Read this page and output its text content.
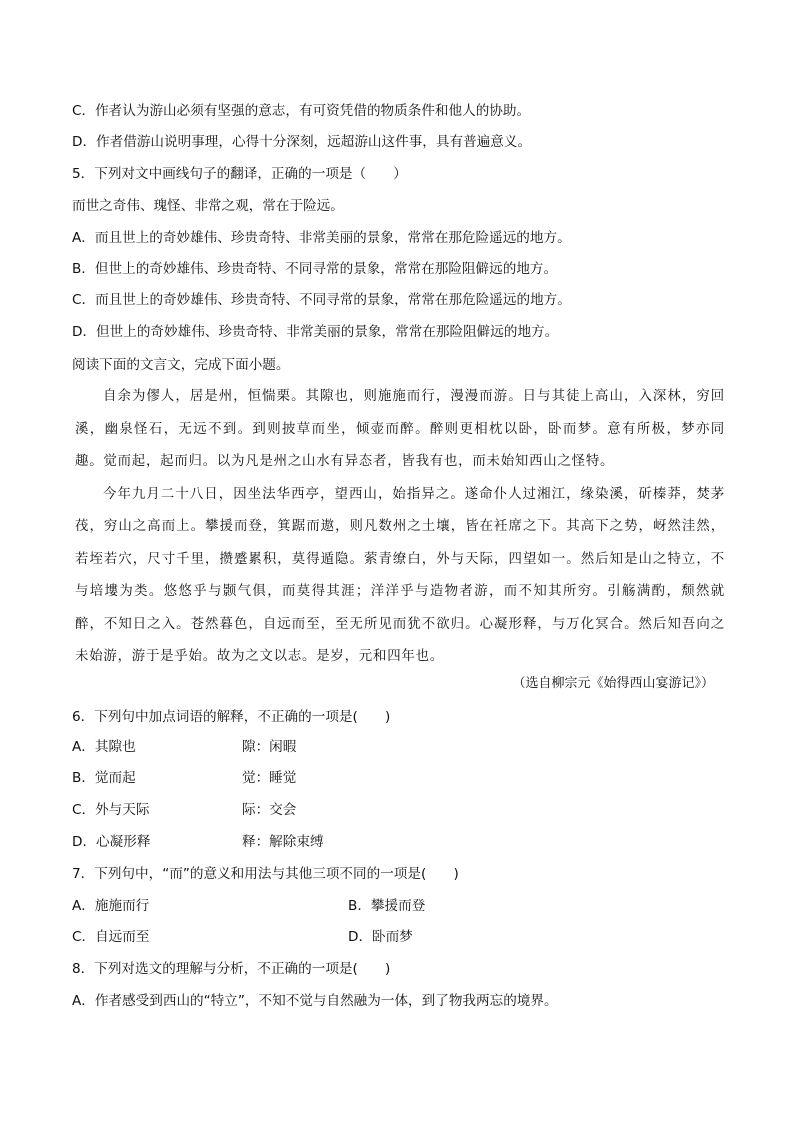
C．作者认为游山必须有坚强的意志，有可资凭借的物质条件和他人的协助。
D．作者借游山说明事理，心得十分深刻，远超游山这件事，具有普遍意义。
5．下列对文中画线句子的翻译，正确的一项是（　　）
而世之奇伟、瑰怪、非常之观，常在于险远。
A．而且世上的奇妙雄伟、珍贵奇特、非常美丽的景象，常常在那危险遥远的地方。
B．但世上的奇妙雄伟、珍贵奇特、不同寻常的景象，常常在那险阻僻远的地方。
C．而且世上的奇妙雄伟、珍贵奇特、不同寻常的景象，常常在那危险遥远的地方。
D．但世上的奇妙雄伟、珍贵奇特、非常美丽的景象，常常在那险阻僻远的地方。
阅读下面的文言文，完成下面小题。

自余为僇人，居是州，恒惴栗。其隙也，则施施而行，漫漫而游。日与其徒上高山，入深林，穷回溪，幽泉怪石，无远不到。到则披草而坐，倾壶而醉。醉则更相枕以卧，卧而梦。意有所极，梦亦同趣。觉而起，起而归。以为凡是州之山水有异态者，皆我有也，而未始知西山之怪特。

今年九月二十八日，因坐法华西亭，望西山，始指异之。遂命仆人过湘江，缘染溪，斫榛莽，焚茅茷，穷山之高而上。攀援而登，箕踞而遨，则凡数州之土壤，皆在衽席之下。其高下之势，岈然洼然，若垤若穴，尺寸千里，攒蹙累积，莫得遁隐。萦青缭白，外与天际，四望如一。然后知是山之特立，不与培塿为类。悠悠乎与颢气俱，而莫得其涯；洋洋乎与造物者游，而不知其所穷。引觞满酌，颓然就醉，不知日之入。苍然暮色，自远而至，至无所见而犹不欲归。心凝形释，与万化冥合。然后知吾向之未始游，游于是乎始。故为之文以志。是岁，元和四年也。

（选自柳宗元《始得西山宴游记》）
6．下列句中加点词语的解释，不正确的一项是(　　)
A．其隙也	隙：闲暇
B．觉而起	觉：睡觉
C．外与天际	际：交会
D．心凝形释	释：解除束缚
7．下列句中，“而”的意义和用法与其他三项不同的一项是(　　)
A．施施而行	B．攀援而登
C．自远而至	D．卧而梦
8．下列对选文的理解与分析，不正确的一项是(　　)
A．作者感受到西山的“特立”，不知不觉与自然融为一体，到了物我两忘的境界。
